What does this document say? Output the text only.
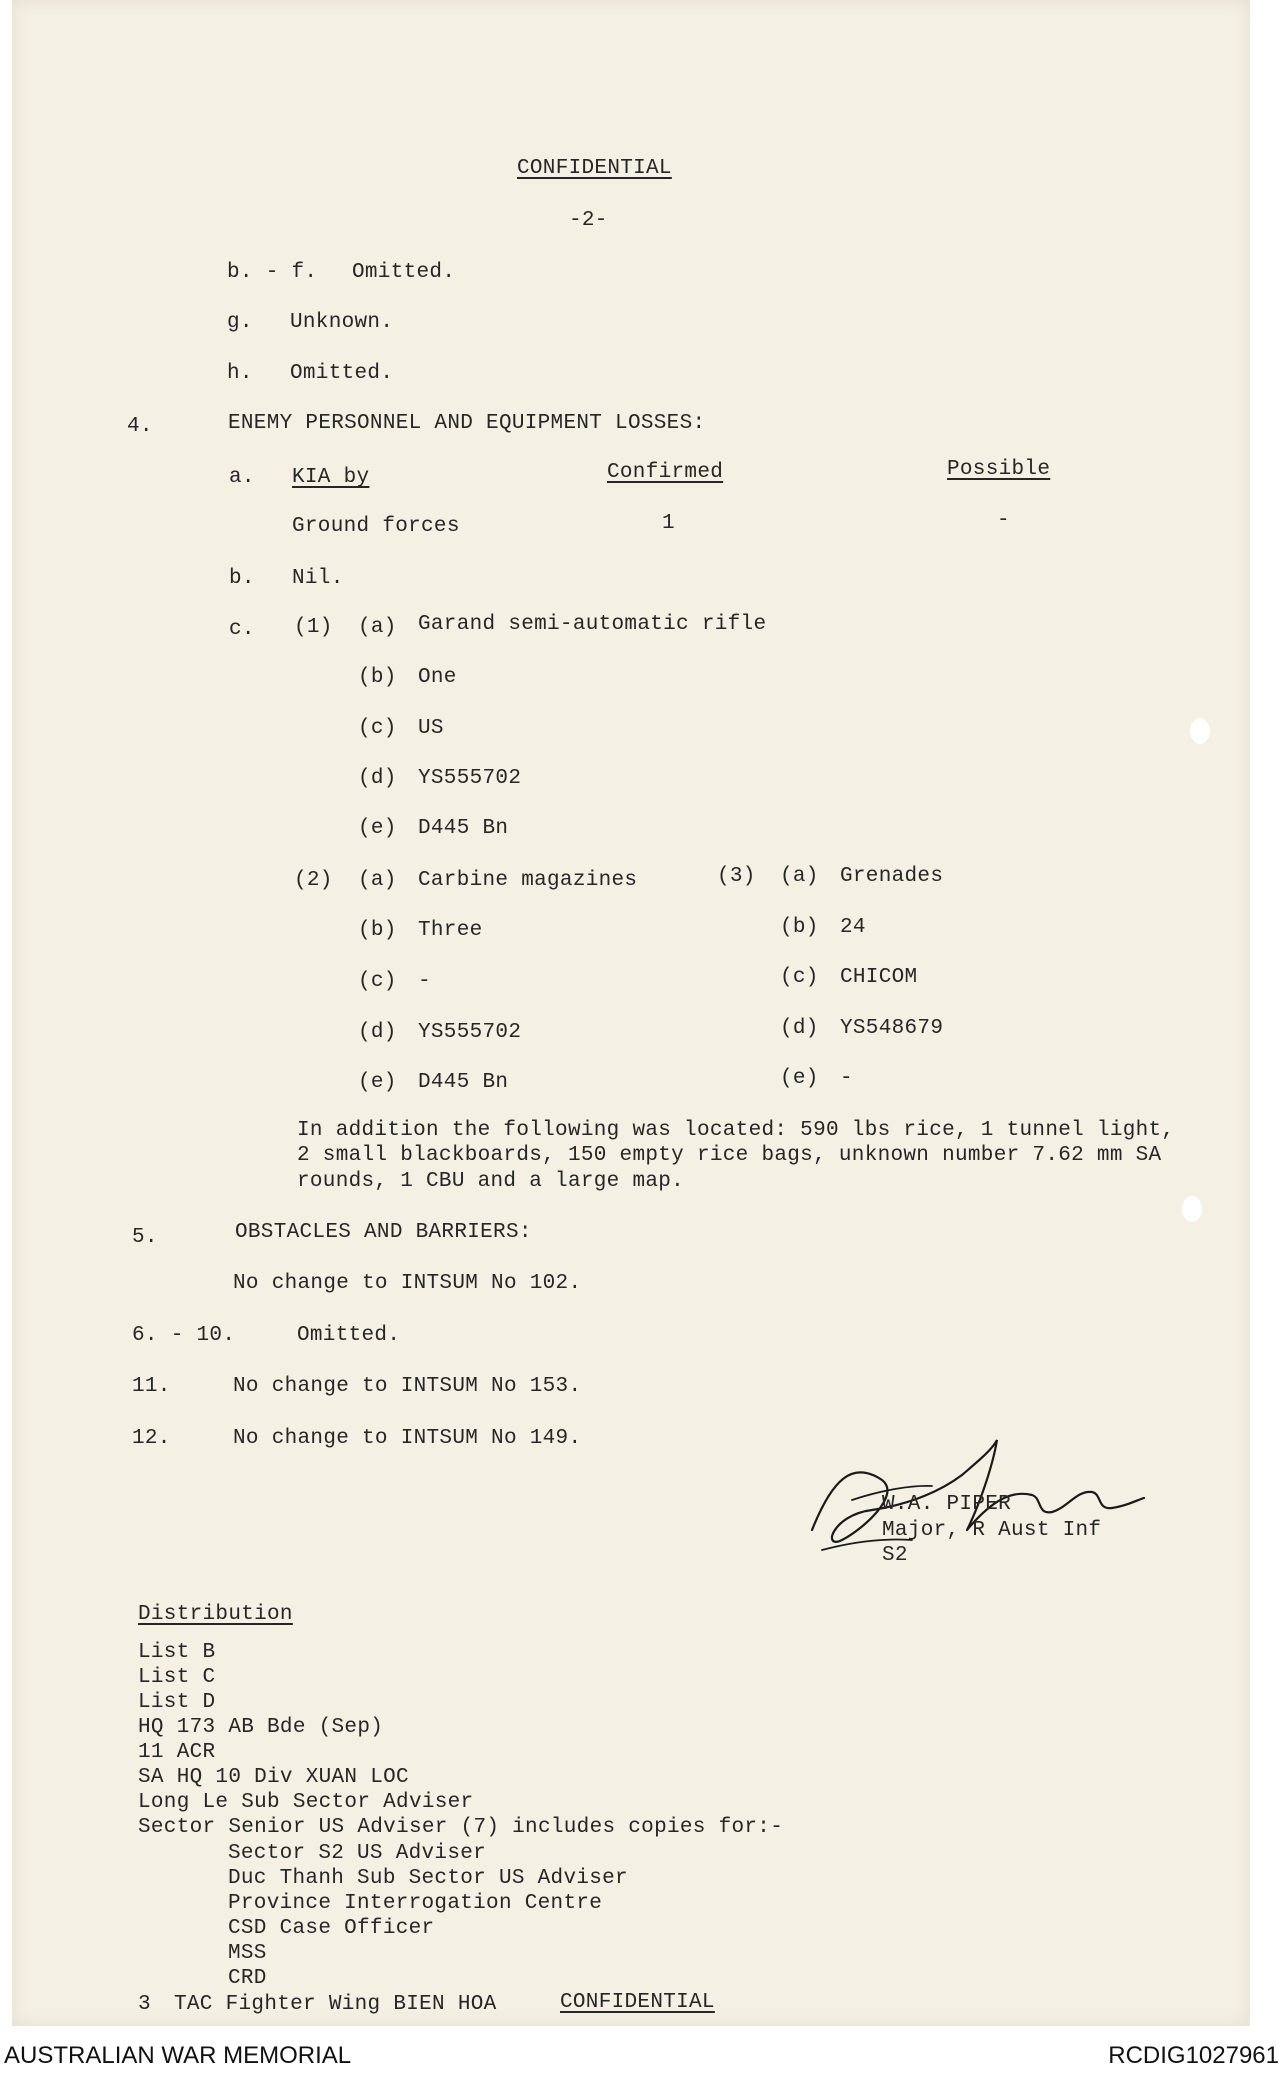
CONFIDENTIAL
-2-
b. - f. Omitted.
g. Unknown.
h. Omitted.
4.	ENEMY PERSONNEL AND EQUIPMENT LOSSES:
a. KIA by	Confirmed	Possible
Ground forces	1	-
b. Nil.
c. (1) (a) Garand semi-automatic rifle
(b) One
(c) US
(d) YS555702
(e) D445 Bn
(2) (a) Carbine magazines
(b) Three
(c) -
(d) YS555702
(e) D445 Bn
(3) (a) Grenades
(b) 24
(c) CHICOM
(d) YS548679
(e) -
In addition the following was located: 590 lbs rice, 1 tunnel light,
2 small blackboards, 150 empty rice bags, unknown number 7.62 mm SA
rounds, 1 CBU and a large map.
5.	OBSTACLES AND BARRIERS:
No change to INTSUM No 102.
6. - 10.	Omitted.
11.	No change to INTSUM No 153.
12.	No change to INTSUM No 149.
W.A. PIPER
Major, R Aust Inf
S2
Distribution
List B
List C
List D
HQ 173 AB Bde (Sep)
11 ACR
SA HQ 10 Div XUAN LOC
Long Le Sub Sector Adviser
Sector Senior US Adviser (7) includes copies for:-
Sector S2 US Adviser
Duc Thanh Sub Sector US Adviser
Province Interrogation Centre
CSD Case Officer
MSS
CRD
3 TAC Fighter Wing BIEN HOA	CONFIDENTIAL
AUSTRALIAN WAR MEMORIAL	RCDIG1027961
